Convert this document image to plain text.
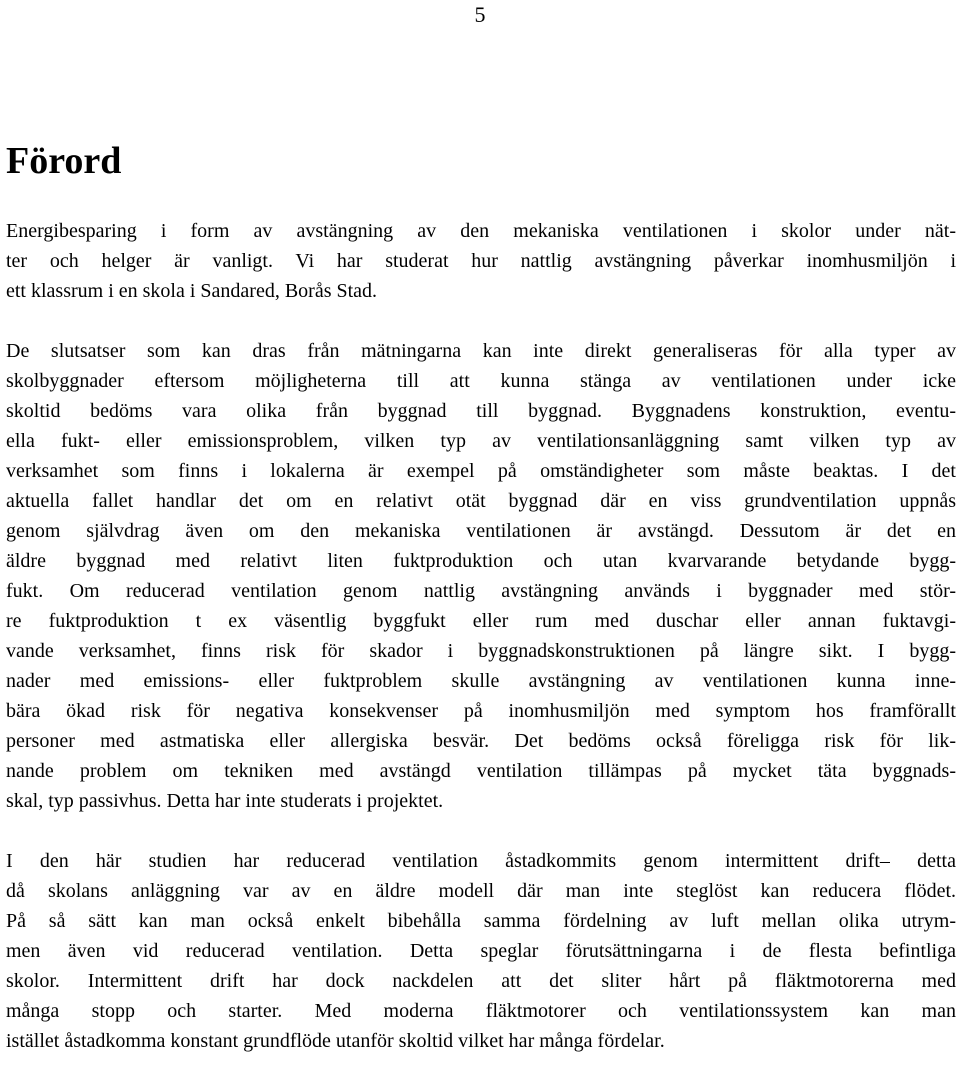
5
Förord

Energibesparing i form av avstängning av den mekaniska ventilationen i skolor under nät-
ter och helger är vanligt. Vi har studerat hur nattlig avstängning påverkar inomhusmiljön i
ett klassrum i en skola i Sandared, Borås Stad.

De slutsatser som kan dras från mätningarna kan inte direkt generaliseras för alla typer av
skolbyggnader eftersom möjligheterna till att kunna stänga av ventilationen under icke
skoltid bedöms vara olika från byggnad till byggnad. Byggnadens konstruktion, eventu-
ella fukt- eller emissionsproblem, vilken typ av ventilationsanläggning samt vilken typ av
verksamhet som finns i lokalerna är exempel på omständigheter som måste beaktas. I det
aktuella fallet handlar det om en relativt otät byggnad där en viss grundventilation uppnås
genom självdrag även om den mekaniska ventilationen är avstängd. Dessutom är det en
äldre byggnad med relativt liten fuktproduktion och utan kvarvarande betydande bygg-
fukt. Om reducerad ventilation genom nattlig avstängning används i byggnader med stör-
re fuktproduktion t ex väsentlig byggfukt eller rum med duschar eller annan fuktavgi-
vande verksamhet, finns risk för skador i byggnadskonstruktionen på längre sikt. I bygg-
nader med emissions- eller fuktproblem skulle avstängning av ventilationen kunna inne-
bära ökad risk för negativa konsekvenser på inomhusmiljön med symptom hos framförallt
personer med astmatiska eller allergiska besvär. Det bedöms också föreligga risk för lik-
nande problem om tekniken med avstängd ventilation tillämpas på mycket täta byggnads-
skal, typ passivhus. Detta har inte studerats i projektet.

I den här studien har reducerad ventilation åstadkommits genom intermittent drift– detta
då skolans anläggning var av en äldre modell där man inte steglöst kan reducera flödet.
På så sätt kan man också enkelt bibehålla samma fördelning av luft mellan olika utrym-
men även vid reducerad ventilation. Detta speglar förutsättningarna i de flesta befintliga
skolor. Intermittent drift har dock nackdelen att det sliter hårt på fläktmotorerna med
många stopp och starter. Med moderna fläktmotorer och ventilationssystem kan man
istället åstadkomma konstant grundflöde utanför skoltid vilket har många fördelar.
